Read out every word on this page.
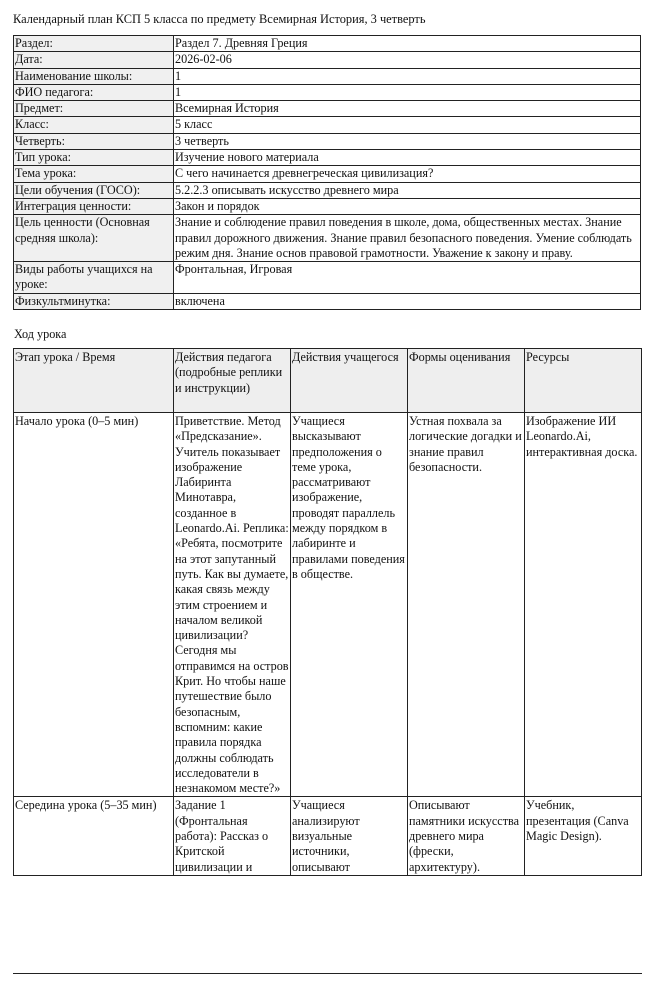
Календарный план КСП 5 класса по предмету Всемирная История, 3 четверть
Раздел:	Раздел 7. Древняя Греция
Дата:	2026-02-06
Наименование школы:	1
ФИО педагога:	1
Предмет:	Всемирная История
Класс:	5 класс
Четверть:	3 четверть
Тип урока:	Изучение нового материала
Тема урока:	С чего начинается древнегреческая цивилизация?
Цели обучения (ГОСО):	5.2.2.3 описывать искусство древнего мира
Интеграция ценности:	Закон и порядок
Цель ценности (Основная средняя школа):	Знание и соблюдение правил поведения в школе, дома, общественных местах. Знание правил дорожного движения. Знание правил безопасного поведения. Умение соблюдать режим дня. Знание основ правовой грамотности. Уважение к закону и праву.
Виды работы учащихся на уроке:	Фронтальная, Игровая
Физкультминутка:	включена
Ход урока
Этап урока / Время	Действия педагога (подробные реплики и инструкции)	Действия учащегося	Формы оценивания	Ресурсы
Начало урока (0–5 мин)	Приветствие. Метод «Предсказание». Учитель показывает изображение Лабиринта Минотавра, созданное в Leonardo.Ai. Реплика: «Ребята, посмотрите на этот запутанный путь. Как вы думаете, какая связь между этим строением и началом великой цивилизации? Сегодня мы отправимся на остров Крит. Но чтобы наше путешествие было безопасным, вспомним: какие правила порядка должны соблюдать исследователи в незнакомом месте?»	Учащиеся высказывают предположения о теме урока, рассматривают изображение, проводят параллель между порядком в лабиринте и правилами поведения в обществе.	Устная похвала за логические догадки и знание правил безопасности.	Изображение ИИ Leonardo.Ai, интерактивная доска.
Середина урока (5–35 мин)	Задание 1 (Фронтальная работа): Рассказ о Критской цивилизации и	Учащиеся анализируют визуальные источники, описывают	Описывают памятники искусства древнего мира (фрески, архитектуру).	Учебник, презентация (Canva Magic Design).
